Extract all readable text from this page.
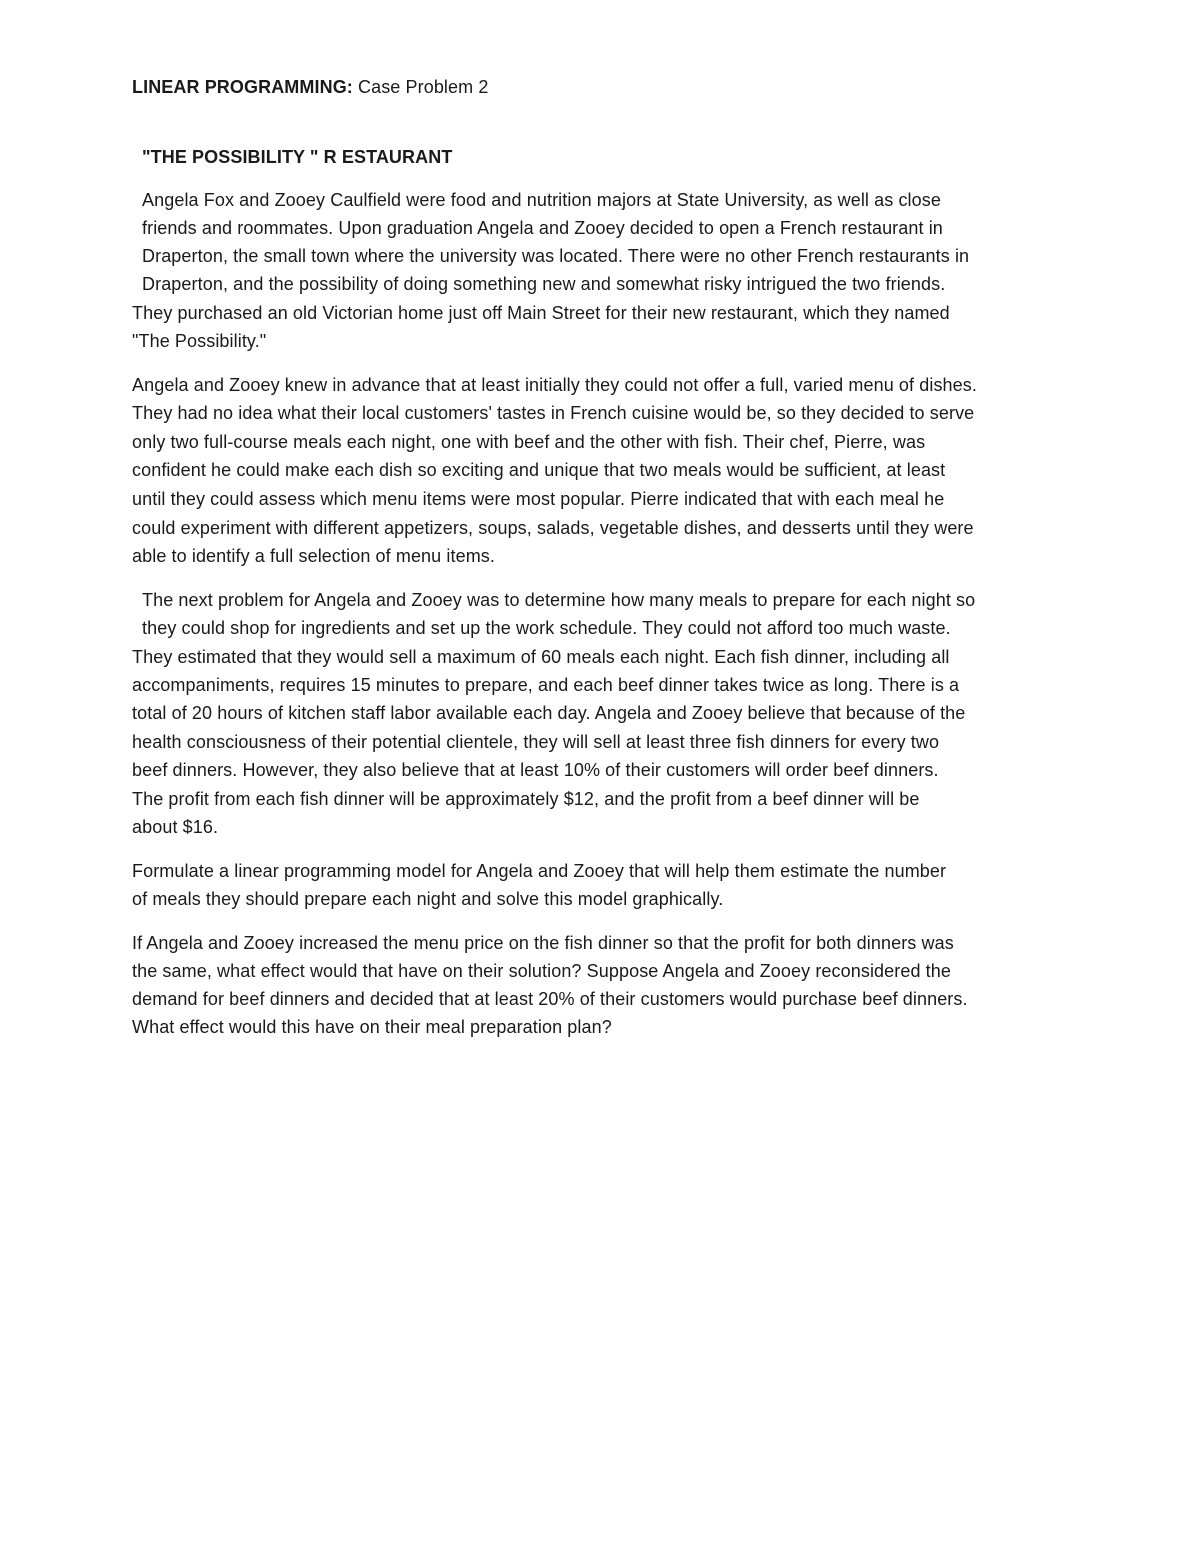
LINEAR PROGRAMMING: Case Problem 2
"THE POSSIBILITY " R ESTAURANT
Angela Fox and Zooey Caulfield were food and nutrition majors at State University, as well as close
friends and roommates. Upon graduation Angela and Zooey decided to open a French restaurant in
Draperton, the small town where the university was located. There were no other French restaurants in
Draperton, and the possibility of doing something new and somewhat risky intrigued the two friends.
They purchased an old Victorian home just off Main Street for their new restaurant, which they named
"The Possibility."
Angela and Zooey knew in advance that at least initially they could not offer a full, varied menu of dishes.
They had no idea what their local customers' tastes in French cuisine would be, so they decided to serve
only two full-course meals each night, one with beef and the other with fish. Their chef, Pierre, was
confident he could make each dish so exciting and unique that two meals would be sufficient, at least
until they could assess which menu items were most popular. Pierre indicated that with each meal he
could experiment with different appetizers, soups, salads, vegetable dishes, and desserts until they were
able to identify a full selection of menu items.
The next problem for Angela and Zooey was to determine how many meals to prepare for each night so
they could shop for ingredients and set up the work schedule. They could not afford too much waste.
They estimated that they would sell a maximum of 60 meals each night. Each fish dinner, including all
accompaniments, requires 15 minutes to prepare, and each beef dinner takes twice as long. There is a
total of 20 hours of kitchen staff labor available each day. Angela and Zooey believe that because of the
health consciousness of their potential clientele, they will sell at least three fish dinners for every two
beef dinners. However, they also believe that at least 10% of their customers will order beef dinners.
The profit from each fish dinner will be approximately $12, and the profit from a beef dinner will be
about $16.
Formulate a linear programming model for Angela and Zooey that will help them estimate the number
of meals they should prepare each night and solve this model graphically.
If Angela and Zooey increased the menu price on the fish dinner so that the profit for both dinners was
the same, what effect would that have on their solution? Suppose Angela and Zooey reconsidered the
demand for beef dinners and decided that at least 20% of their customers would purchase beef dinners.
What effect would this have on their meal preparation plan?
